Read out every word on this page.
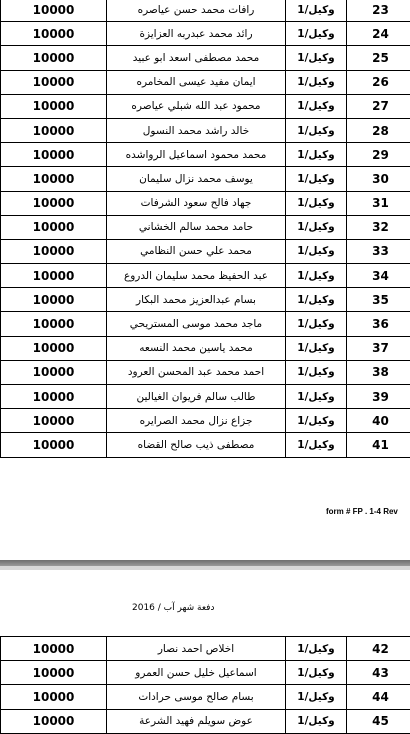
10000	رافات محمد حسن عياصره	وكيل/1	23
10000	رائد محمد عبدربه العزايزة	وكيل/1	24
10000	محمد مصطفى اسعد ابو عبيد	وكيل/1	25
10000	ايمان مفيد عيسى المخامره	وكيل/1	26
10000	محمود عبد الله شبلي عياصره	وكيل/1	27
10000	خالد راشد محمد النسول	وكيل/1	28
10000	محمد محمود اسماعيل الرواشده	وكيل/1	29
10000	يوسف محمد نزال سليمان	وكيل/1	30
10000	جهاد فالح سعود الشرفات	وكيل/1	31
10000	حامد محمد سالم الخشاني	وكيل/1	32
10000	محمد علي حسن النظامي	وكيل/1	33
10000	عبد الحفيظ محمد سليمان الدروع	وكيل/1	34
10000	بسام عبدالعزيز محمد البكار	وكيل/1	35
10000	ماجد محمد موسى المستريحي	وكيل/1	36
10000	محمد ياسين محمد النسعه	وكيل/1	37
10000	احمد محمد عبد المحسن العرود	وكيل/1	38
10000	طالب سالم فريوان الغيالين	وكيل/1	39
10000	جزاع نزال محمد الصرايره	وكيل/1	40
10000	مصطفى ذيب صالح القضاه	وكيل/1	41
form # FP . 1-4 Rev
دفعة شهر آب / 2016
10000	اخلاص احمد نصار	وكيل/1	42
10000	اسماعيل خليل حسن العمرو	وكيل/1	43
10000	بسام صالح موسى حرادات	وكيل/1	44
10000	عوض سويلم فهيد الشرعة	وكيل/1	45
